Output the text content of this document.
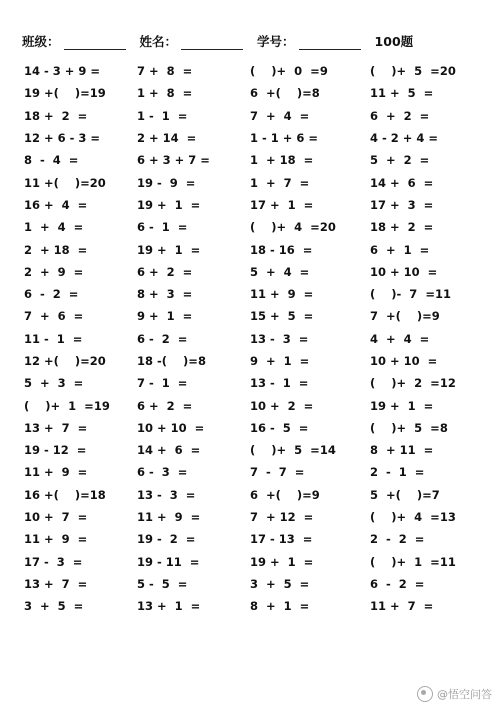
班级：	姓名：	学号：	100题
14 - 3 + 9 =	7 +  8  =	(    )+  0  =9	(    )+  5  =20
19 +(    )=19	1 +  8  =	6  +(    )=8	11 +  5  =
18 +  2  =	1 -  1  =	7  +  4  =	6  +  2  =
12 + 6 - 3 =	2 + 14  =	1 - 1 + 6 =	4 - 2 + 4 =
8  -  4  =	6 + 3 + 7 =	1  + 18  =	5  +  2  =
11 +(    )=20	19 -  9  =	1  +  7  =	14 +  6  =
16 +  4  =	19 +  1  =	17 +  1  =	17 +  3  =
1  +  4  =	6 -  1  =	(    )+  4  =20	18 +  2  =
2  + 18  =	19 +  1  =	18 - 16  =	6  +  1  =
2  +  9  =	6 +  2  =	5  +  4  =	10 + 10  =
6  -  2  =	8 +  3  =	11 +  9  =	(    )-  7  =11
7  +  6  =	9 +  1  =	15 +  5  =	7  +(    )=9
11 -  1  =	6 -  2  =	13 -  3  =	4  +  4  =
12 +(    )=20	18 -(    )=8	9  +  1  =	10 + 10  =
5  +  3  =	7 -  1  =	13 -  1  =	(    )+  2  =12
(    )+  1  =19	6 +  2  =	10 +  2  =	19 +  1  =
13 +  7  =	10 + 10  =	16 -  5  =	(    )+  5  =8
19 - 12  =	14 +  6  =	(    )+  5  =14	8  + 11  =
11 +  9  =	6 -  3  =	7  -  7  =	2  -  1  =
16 +(    )=18	13 -  3  =	6  +(    )=9	5  +(    )=7
10 +  7  =	11 +  9  =	7  + 12  =	(    )+  4  =13
11 +  9  =	19 -  2  =	17 - 13  =	2  -  2  =
17 -  3  =	19 - 11  =	19 +  1  =	(    )+  1  =11
13 +  7  =	5 -  5  =	3  +  5  =	6  -  2  =
3  +  5  =	13 +  1  =	8  +  1  =	11 +  7  =
@悟空问答
